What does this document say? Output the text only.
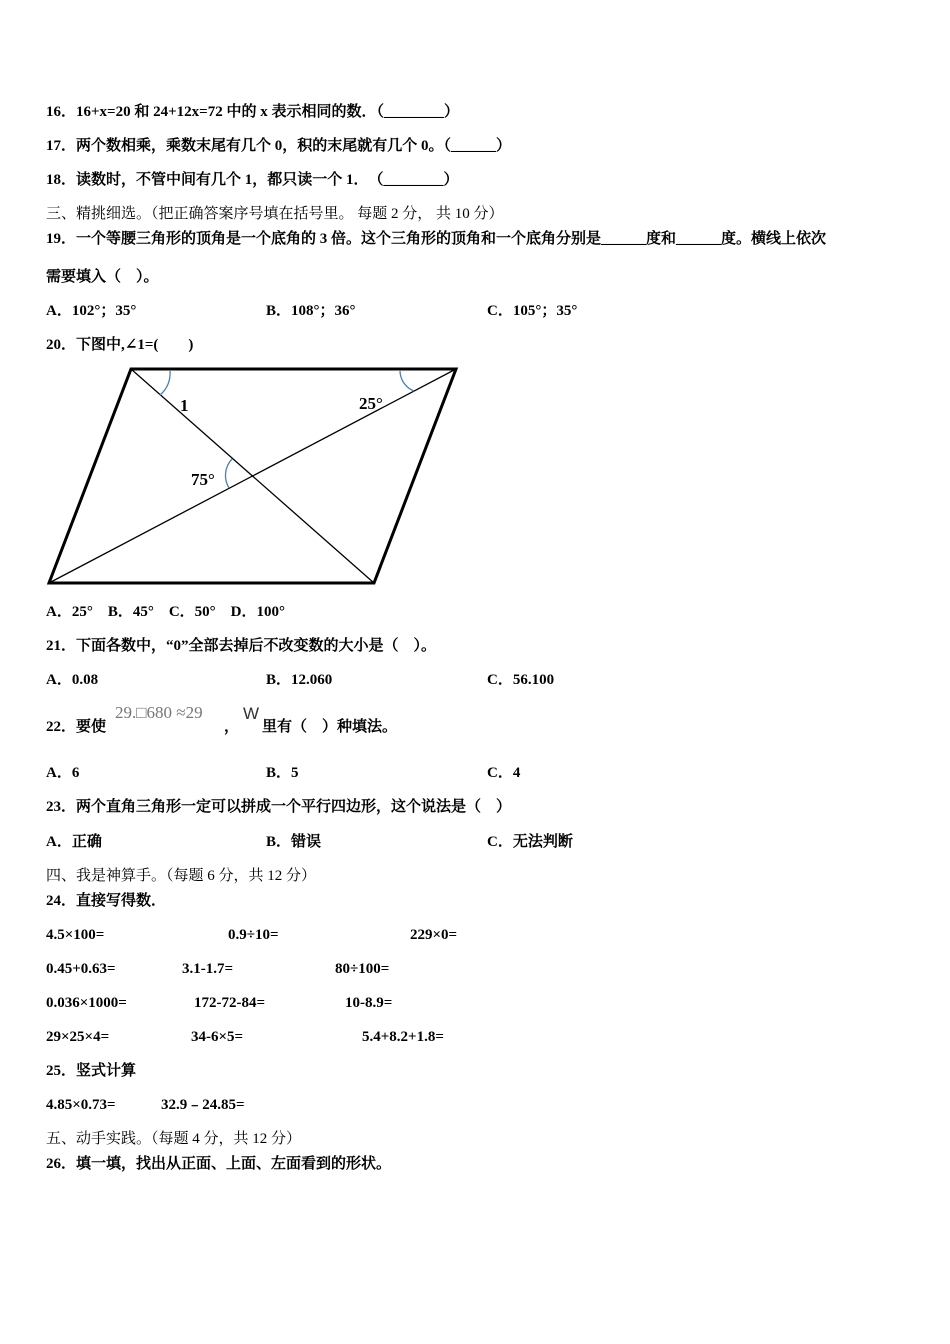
16．16+x=20 和 24+12x=72 中的 x 表示相同的数．（________）
17．两个数相乘，乘数末尾有几个 0，积的末尾就有几个 0。（______）
18．读数时，不管中间有几个 1，都只读一个 1．　（________）
三、精挑细选。（把正确答案序号填在括号里。 每题 2 分， 共 10 分）
19．一个等腰三角形的顶角是一个底角的 3 倍。这个三角形的顶角和一个底角分别是______度和______度。横线上依次
需要填入（　）。
A．102°；35°	B．108°；36°	C．105°；35°
20．下图中,∠1=(　　)
1	25°
75°
A．25°　B．45°　C．50°　D．100°
21．下面各数中，“0”全部去掉后不改变数的大小是（　）。
A．0.08	B．12.060	C．56.100
22．要使
29.□680 ≈29
，
W
里有（　）种填法。
A．6	B．5	C．4
23．两个直角三角形一定可以拼成一个平行四边形，这个说法是（　）
A．正确	B．错误	C．无法判断
四、我是神算手。（每题 6 分，共 12 分）
24．直接写得数．
4.5×100=	0.9÷10=	229×0=
0.45+0.63=	3.1-1.7=	80÷100=
0.036×1000=	172-72-84=	10-8.9=
29×25×4=	34-6×5=	5.4+8.2+1.8=
25．竖式计算
4.85×0.73=	32.9﹣24.85=
五、动手实践。（每题 4 分，共 12 分）
26．填一填，找出从正面、上面、左面看到的形状。
